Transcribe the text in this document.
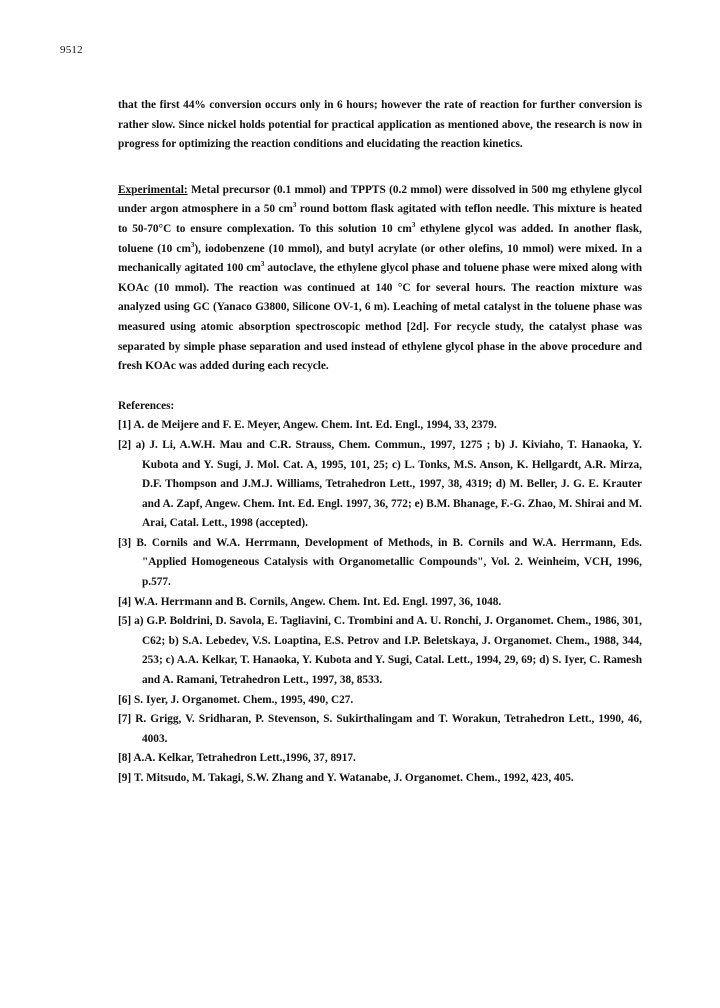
9512

that the first 44% conversion occurs only in 6 hours; however the rate of reaction for further conversion is rather slow. Since nickel holds potential for practical application as mentioned above, the research is now in progress for optimizing the reaction conditions and elucidating the reaction kinetics.

Experimental: Metal precursor (0.1 mmol) and TPPTS (0.2 mmol) were dissolved in 500 mg ethylene glycol under argon atmosphere in a 50 $cm^3$ round bottom flask agitated with teflon needle. This mixture is heated to 50-70°C to ensure complexation. To this solution 10 $cm^3$ ethylene glycol was added. In another flask, toluene (10 $cm^3$), iodobenzene (10 mmol), and butyl acrylate (or other olefins, 10 mmol) were mixed. In a mechanically agitated 100 $cm^3$ autoclave, the ethylene glycol phase and toluene phase were mixed along with KOAc (10 mmol). The reaction was continued at 140 °C for several hours. The reaction mixture was analyzed using GC (Yanaco G3800, Silicone OV-1, 6 m). Leaching of metal catalyst in the toluene phase was measured using atomic absorption spectroscopic method [2d]. For recycle study, the catalyst phase was separated by simple phase separation and used instead of ethylene glycol phase in the above procedure and fresh KOAc was added during each recycle.

References:

[1] A. de Meijere and F. E. Meyer, Angew. Chem. Int. Ed. Engl., 1994, 33, 2379.
[2] a) J. Li, A.W.H. Mau and C.R. Strauss, Chem. Commun., 1997, 1275 ; b) J. Kiviaho, T. Hanaoka, Y. Kubota and Y. Sugi, J. Mol. Cat. A, 1995, 101, 25; c) L. Tonks, M.S. Anson, K. Hellgardt, A.R. Mirza, D.F. Thompson and J.M.J. Williams, Tetrahedron Lett., 1997, 38, 4319; d) M. Beller, J. G. E. Krauter and A. Zapf, Angew. Chem. Int. Ed. Engl. 1997, 36, 772; e) B.M. Bhanage, F.-G. Zhao, M. Shirai and M. Arai, Catal. Lett., 1998 (accepted).
[3] B. Cornils and W.A. Herrmann, Development of Methods, in B. Cornils and W.A. Herrmann, Eds. "Applied Homogeneous Catalysis with Organometallic Compounds", Vol. 2. Weinheim, VCH, 1996, p.577.
[4] W.A. Herrmann and B. Cornils, Angew. Chem. Int. Ed. Engl. 1997, 36, 1048.
[5] a) G.P. Boldrini, D. Savola, E. Tagliavini, C. Trombini and A. U. Ronchi, J. Organomet. Chem., 1986, 301, C62; b) S.A. Lebedev, V.S. Loaptina, E.S. Petrov and I.P. Beletskaya, J. Organomet. Chem., 1988, 344, 253; c) A.A. Kelkar, T. Hanaoka, Y. Kubota and Y. Sugi, Catal. Lett., 1994, 29, 69; d) S. Iyer, C. Ramesh and A. Ramani, Tetrahedron Lett., 1997, 38, 8533.
[6] S. Iyer, J. Organomet. Chem., 1995, 490, C27.
[7] R. Grigg, V. Sridharan, P. Stevenson, S. Sukirthalingam and T. Worakun, Tetrahedron Lett., 1990, 46, 4003.
[8] A.A. Kelkar, Tetrahedron Lett.,1996, 37, 8917.
[9] T. Mitsudo, M. Takagi, S.W. Zhang and Y. Watanabe, J. Organomet. Chem., 1992, 423, 405.
